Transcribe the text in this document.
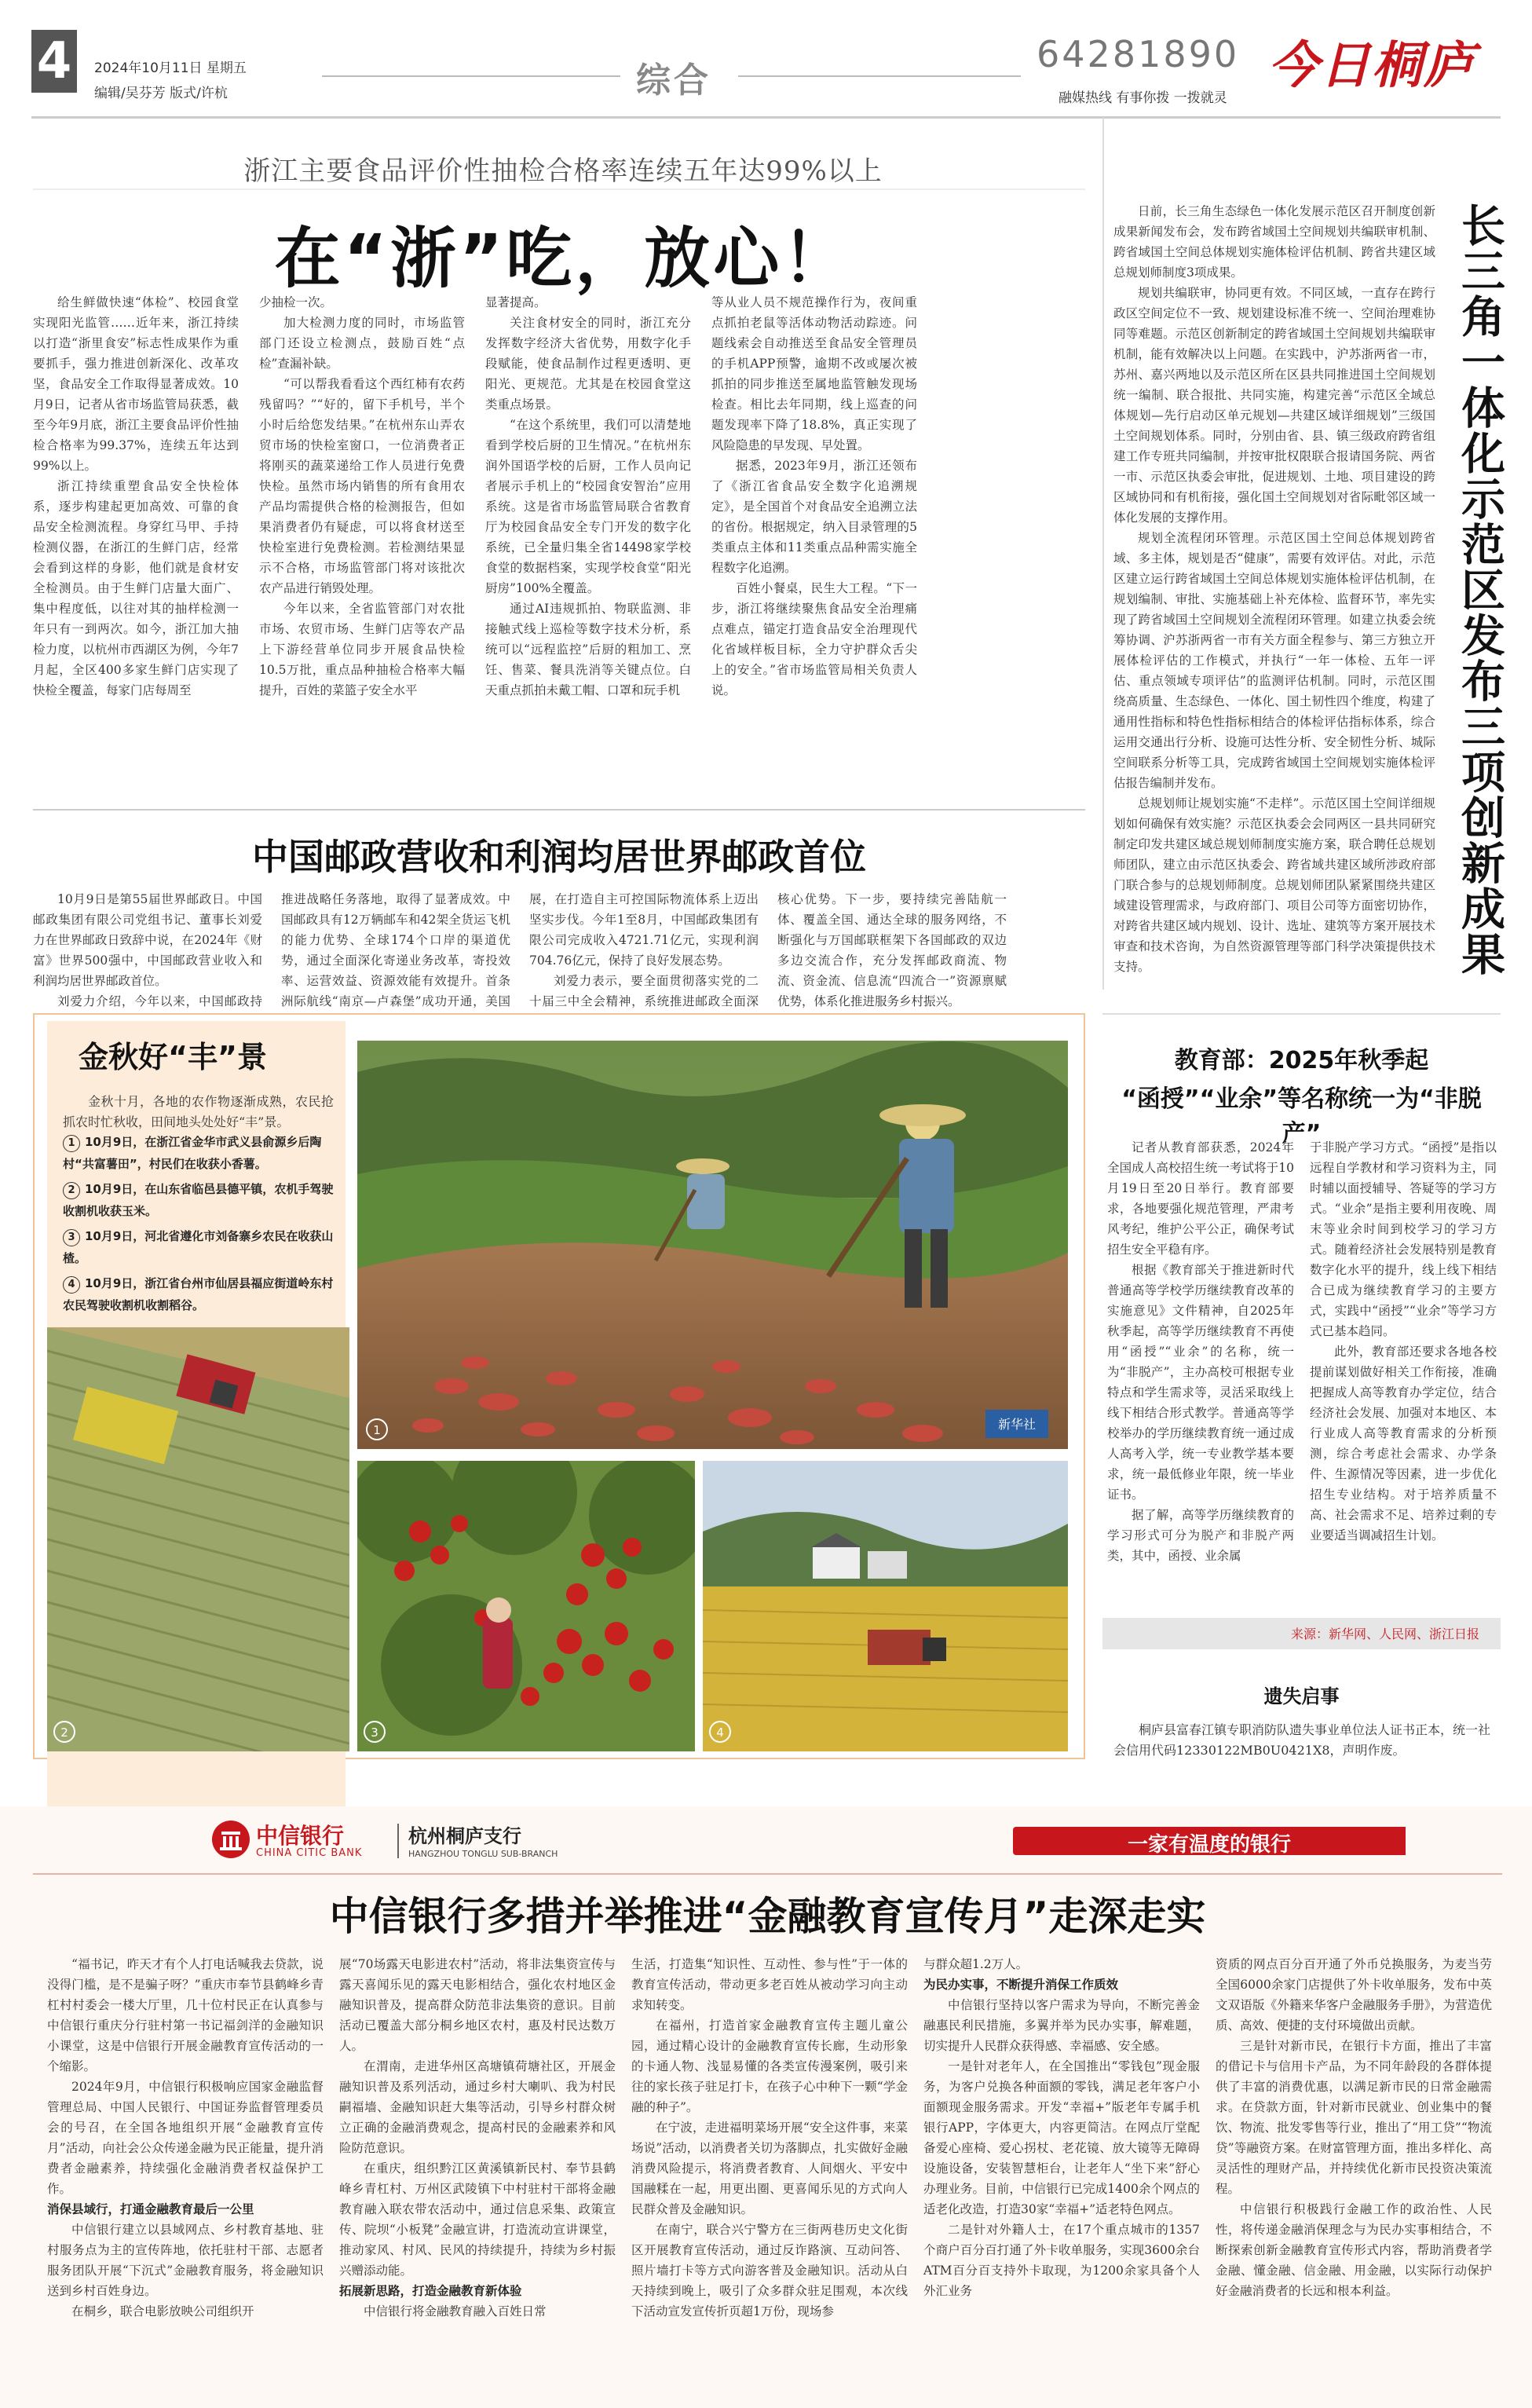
4	2024年10月11日 星期五
编辑/吴芬芳 版式/许杭	综合
64281890
融媒热线 有事你拨 一拨就灵
今日桐庐
浙江主要食品评价性抽检合格率连续五年达99%以上
在“浙”吃，放心！

给生鲜做快速“体检”、校园食堂实现阳光监管……近年来，浙江持续以打造“浙里食安”标志性成果作为重要抓手，强力推进创新深化、改革攻坚，食品安全工作取得显著成效。10月9日，记者从省市场监管局获悉，截至今年9月底，浙江主要食品评价性抽检合格率为99.37%，连续五年达到99%以上。

浙江持续重塑食品安全快检体系，逐步构建起更加高效、可靠的食品安全检测流程。身穿红马甲、手持检测仪器，在浙江的生鲜门店，经常会看到这样的身影，他们就是食材安全检测员。由于生鲜门店量大面广、集中程度低，以往对其的抽样检测一年只有一到两次。如今，浙江加大抽检力度，以杭州市西湖区为例，今年7月起，全区400多家生鲜门店实现了快检全覆盖，每家门店每周至

少抽检一次。

加大检测力度的同时，市场监管部门还设立检测点，鼓励百姓“点检”查漏补缺。

“可以帮我看看这个西红柿有农药残留吗？”“好的，留下手机号，半个小时后给您发结果。”在杭州东山弄农贸市场的快检室窗口，一位消费者正将刚买的蔬菜递给工作人员进行免费快检。虽然市场内销售的所有食用农产品均需提供合格的检测报告，但如果消费者仍有疑虑，可以将食材送至快检室进行免费检测。若检测结果显示不合格，市场监管部门将对该批次农产品进行销毁处理。

今年以来，全省监管部门对农批市场、农贸市场、生鲜门店等农产品上下游经营单位同步开展食品快检10.5万批，重点品种抽检合格率大幅提升，百姓的菜篮子安全水平

显著提高。

关注食材安全的同时，浙江充分发挥数字经济大省优势，用数字化手段赋能，使食品制作过程更透明、更阳光、更规范。尤其是在校园食堂这类重点场景。

“在这个系统里，我们可以清楚地看到学校后厨的卫生情况。”在杭州东润外国语学校的后厨，工作人员向记者展示手机上的“校园食安智治”应用系统。这是省市场监管局联合省教育厅为校园食品安全专门开发的数字化系统，已全量归集全省14498家学校食堂的数据档案，实现学校食堂“阳光厨房”100%全覆盖。

通过AI违规抓拍、物联监测、非接触式线上巡检等数字技术分析，系统可以“远程监控”后厨的粗加工、烹饪、售菜、餐具洗消等关键点位。白天重点抓拍未戴工帽、口罩和玩手机

等从业人员不规范操作行为，夜间重点抓拍老鼠等活体动物活动踪迹。问题线索会自动推送至食品安全管理员的手机APP预警，逾期不改或屡次被抓拍的同步推送至属地监管触发现场检查。相比去年同期，线上巡查的问题发现率下降了18.8%，真正实现了风险隐患的早发现、早处置。

据悉，2023年9月，浙江还领布了《浙江省食品安全数字化追溯规定》，是全国首个对食品安全追溯立法的省份。根据规定，纳入目录管理的5类重点主体和11类重点品种需实施全程数字化追溯。

百姓小餐桌，民生大工程。“下一步，浙江将继续聚焦食品安全治理痛点难点，锚定打造食品安全治理现代化省域样板目标，全力守护群众舌尖上的安全。”省市场监管局相关负责人说。

日前，长三角生态绿色一体化发展示范区召开制度创新成果新闻发布会，发布跨省域国土空间规划共编联审机制、跨省域国土空间总体规划实施体检评估机制、跨省共建区域总规划师制度3项成果。

规划共编联审，协同更有效。不同区域，一直存在跨行政区空间定位不一致、规划建设标准不统一、空间治理难协同等难题。示范区创新制定的跨省域国土空间规划共编联审机制，能有效解决以上问题。在实践中，沪苏浙两省一市，苏州、嘉兴两地以及示范区所在区县共同推进国土空间规划统一编制、联合报批、共同实施，构建完善“示范区全域总体规划—先行启动区单元规划—共建区域详细规划”三级国土空间规划体系。同时，分别由省、县、镇三级政府跨省组建工作专班共同编制，并按审批权限联合报请国务院、两省一市、示范区执委会审批，促进规划、土地、项目建设的跨区域协同和有机衔接，强化国土空间规划对省际毗邻区域一体化发展的支撑作用。

规划全流程闭环管理。示范区国土空间总体规划跨省域、多主体，规划是否“健康”，需要有效评估。对此，示范区建立运行跨省域国土空间总体规划实施体检评估机制，在规划编制、审批、实施基础上补充体检、监督环节，率先实现了跨省域国土空间规划全流程闭环管理。如建立执委会统筹协调、沪苏浙两省一市有关方面全程参与、第三方独立开展体检评估的工作模式，并执行“一年一体检、五年一评估、重点领域专项评估”的监测评估机制。同时，示范区围绕高质量、生态绿色、一体化、国土韧性四个维度，构建了通用性指标和特色性指标相结合的体检评估指标体系，综合运用交通出行分析、设施可达性分析、安全韧性分析、城际空间联系分析等工具，完成跨省域国土空间规划实施体检评估报告编制并发布。

总规划师让规划实施“不走样”。示范区国土空间详细规划如何确保有效实施？示范区执委会会同两区一县共同研究制定印发共建区域总规划师制度实施方案，联合聘任总规划师团队，建立由示范区执委会、跨省域共建区域所涉政府部门联合参与的总规划师制度。总规划师团队紧紧围绕共建区域建设管理需求，与政府部门、项目公司等方面密切协作，对跨省共建区域内规划、设计、选址、建筑等方案开展技术审查和技术咨询，为自然资源管理等部门科学决策提供技术支持。	长三角一体化示范区发布三项创新成果
中国邮政营收和利润均居世界邮政首位

10月9日是第55届世界邮政日。中国邮政集团有限公司党组书记、董事长刘爱力在世界邮政日致辞中说，在2024年《财富》世界500强中，中国邮政营业收入和利润均居世界邮政首位。

刘爱力介绍，今年以来，中国邮政持

推进战略任务落地，取得了显著成效。中国邮政具有12万辆邮车和42架全货运飞机的能力优势、全球174个口岸的渠道优势，通过全面深化寄递业务改革，寄投效率、运营效益、资源效能有效提升。首条洲际航线“南京—卢森堡”成功开通，美国
展，在打造自主可控国际物流体系上迈出坚实步伐。今年1至8月，中国邮政集团有限公司完成收入4721.71亿元，实现利润704.76亿元，保持了良好发展态势。

刘爱力表示，要全面贯彻落实党的二十届三中全会精神，系统推进邮政全面深

核心优势。下一步，要持续完善陆航一体、覆盖全国、通达全球的服务网络，不断强化与万国邮联框架下各国邮政的双边多边交流合作，充分发挥邮政商流、物流、资金流、信息流“四流合一”资源禀赋优势，体系化推进服务乡村振兴。
金秋好“丰”景

金秋十月，各地的农作物逐渐成熟，农民抢抓农时忙秋收，田间地头处处好“丰”景。

1 10月9日，在浙江省金华市武义县俞源乡后陶村“共富薯田”，村民们在收获小香薯。
2 10月9日，在山东省临邑县德平镇，农机手驾驶收割机收获玉米。
3 10月9日，河北省遵化市刘备寨乡农民在收获山楂。
4 10月9日，浙江省台州市仙居县福应街道岭东村农民驾驶收割机收割稻谷。
新华社
1
2	3	4
教育部：2025年秋季起
“函授”“业余”等名称统一为“非脱产”

记者从教育部获悉，2024年全国成人高校招生统一考试将于10月19日至20日举行。教育部要求，各地要强化规范管理，严肃考风考纪，维护公平公正，确保考试招生安全平稳有序。

根据《教育部关于推进新时代普通高等学校学历继续教育改革的实施意见》文件精神，自2025年秋季起，高等学历继续教育不再使用“函授”“业余”的名称，统一为“非脱产”，主办高校可根据专业特点和学生需求等，灵活采取线上线下相结合形式教学。普通高等学校举办的学历继续教育统一通过成人高考入学，统一专业教学基本要求，统一最低修业年限，统一毕业证书。

据了解，高等学历继续教育的学习形式可分为脱产和非脱产两类，其中，函授、业余属

于非脱产学习方式。“函授”是指以远程自学教材和学习资料为主，同时辅以面授辅导、答疑等的学习方式。“业余”是指主要利用夜晚、周末等业余时间到校学习的学习方式。随着经济社会发展特别是教育数字化水平的提升，线上线下相结合已成为继续教育学习的主要方式，实践中“函授”“业余”等学习方式已基本趋同。

此外，教育部还要求各地各校提前谋划做好相关工作衔接，准确把握成人高等教育办学定位，结合经济社会发展、加强对本地区、本行业成人高等教育需求的分析预测，综合考虑社会需求、办学条件、生源情况等因素，进一步优化招生专业结构。对于培养质量不高、社会需求不足、培养过剩的专业要适当调减招生计划。

来源：新华网、人民网、浙江日报
遗失启事

桐庐县富春江镇专职消防队遗失事业单位法人证书正本，统一社会信用代码12330122MB0U0421X8，声明作废。

中信银行
CHINA CITIC BANK
杭州桐庐支行
HANGZHOU TONGLU SUB-BRANCH	一家有温度的银行
中信银行多措并举推进“金融教育宣传月”走深走实

“福书记，昨天才有个人打电话喊我去贷款，说没得门槛，是不是骗子呀？”重庆市奉节县鹤峰乡青杠村村委会一楼大厅里，几十位村民正在认真参与中信银行重庆分行驻村第一书记福剑洋的金融知识小课堂，这是中信银行开展金融教育宣传活动的一个缩影。

2024年9月，中信银行积极响应国家金融监督管理总局、中国人民银行、中国证券监督管理委员会的号召，在全国各地组织开展“金融教育宣传月”活动，向社会公众传递金融为民正能量，提升消费者金融素养，持续强化金融消费者权益保护工作。

消保县域行，打通金融教育最后一公里

中信银行建立以县域网点、乡村教育基地、驻村服务点为主的宣传阵地，依托驻村干部、志愿者服务团队开展“下沉式”金融教育服务，将金融知识送到乡村百姓身边。

在桐乡，联合电影放映公司组织开

展“70场露天电影进农村”活动，将非法集资宣传与露天喜闻乐见的露天电影相结合，强化农村地区金融知识普及，提高群众防范非法集资的意识。目前活动已覆盖大部分桐乡地区农村，惠及村民达数万人。

在渭南，走进华州区高塘镇荷塘社区，开展金融知识普及系列活动，通过乡村大喇叭、我为村民嗣福墙、金融知识赶大集等活动，引导乡村群众树立正确的金融消费观念，提高村民的金融素养和风险防范意识。

在重庆，组织黔江区黄溪镇新民村、奉节县鹤峰乡青杠村、万州区武陵镇下中村驻村干部将金融教育融入联农带农活动中，通过信息采集、政策宣传、院坝“小板凳”金融宣讲，打造流动宣讲课堂，推动家风、村风、民风的持续提升，持续为乡村振兴赠添动能。

拓展新思路，打造金融教育新体验

中信银行将金融教育融入百姓日常

生活，打造集“知识性、互动性、参与性”于一体的教育宣传活动，带动更多老百姓从被动学习向主动求知转变。

在福州，打造首家金融教育宣传主题儿童公园，通过精心设计的金融教育宣传长廊，生动形象的卡通人物、浅显易懂的各类宣传漫案例，吸引来往的家长孩子驻足打卡，在孩子心中种下一颗“学金融的种子”。

在宁波，走进福明菜场开展“安全这件事，来菜场说”活动，以消费者关切为落脚点，扎实做好金融消费风险提示，将消费者教育、人间烟火、平安中国融糅在一起，用更出圈、更喜闻乐见的方式向人民群众普及金融知识。

在南宁，联合兴宁警方在三街两巷历史文化街区开展教育宣传活动，通过反诈路演、互动问答、照片墙打卡等方式向游客普及金融知识。活动从白天持续到晚上，吸引了众多群众驻足围观，本次线下活动宣发宣传折页超1万份，现场参

与群众超1.2万人。
为民办实事，不断提升消保工作质效

中信银行坚持以客户需求为导向，不断完善金融惠民利民措施，多翼并举为民办实事，解难题，切实提升人民群众获得感、幸福感、安全感。

一是针对老年人，在全国推出“零钱包”现金服务，为客户兑换各种面额的零钱，满足老年客户小面额现金服务需求。开发“幸福+”版老年专属手机银行APP，字体更大，内容更简洁。在网点厅堂配备爱心座椅、爱心拐杖、老花镜、放大镜等无障碍设施设备，安装智慧柜台，让老年人“坐下来”舒心办理业务。目前，中信银行已完成1400余个网点的适老化改造，打造30家“幸福+”适老特色网点。

二是针对外籍人士，在17个重点城市的1357个商户百分百打通了外卡收单服务，实现3600余台ATM百分百支持外卡取现，为1200余家具备个人外汇业务

资质的网点百分百开通了外币兑换服务，为麦当劳全国6000余家门店提供了外卡收单服务，发布中英文双语版《外籍来华客户金融服务手册》，为营造优质、高效、便捷的支付环境做出贡献。

三是针对新市民，在银行卡方面，推出了丰富的借记卡与信用卡产品，为不同年龄段的各群体提供了丰富的消费优惠，以满足新市民的日常金融需求。在贷款方面，针对新市民就业、创业集中的餐饮、物流、批发零售等行业，推出了“用工贷”“物流贷”等融资方案。在财富管理方面，推出多样化、高灵活性的理财产品，并持续优化新市民投资决策流程。

中信银行积极践行金融工作的政治性、人民性，将传递金融消保理念与为民办实事相结合，不断探索创新金融教育宣传形式内容，帮助消费者学金融、懂金融、信金融、用金融，以实际行动保护好金融消费者的长远和根本利益。
